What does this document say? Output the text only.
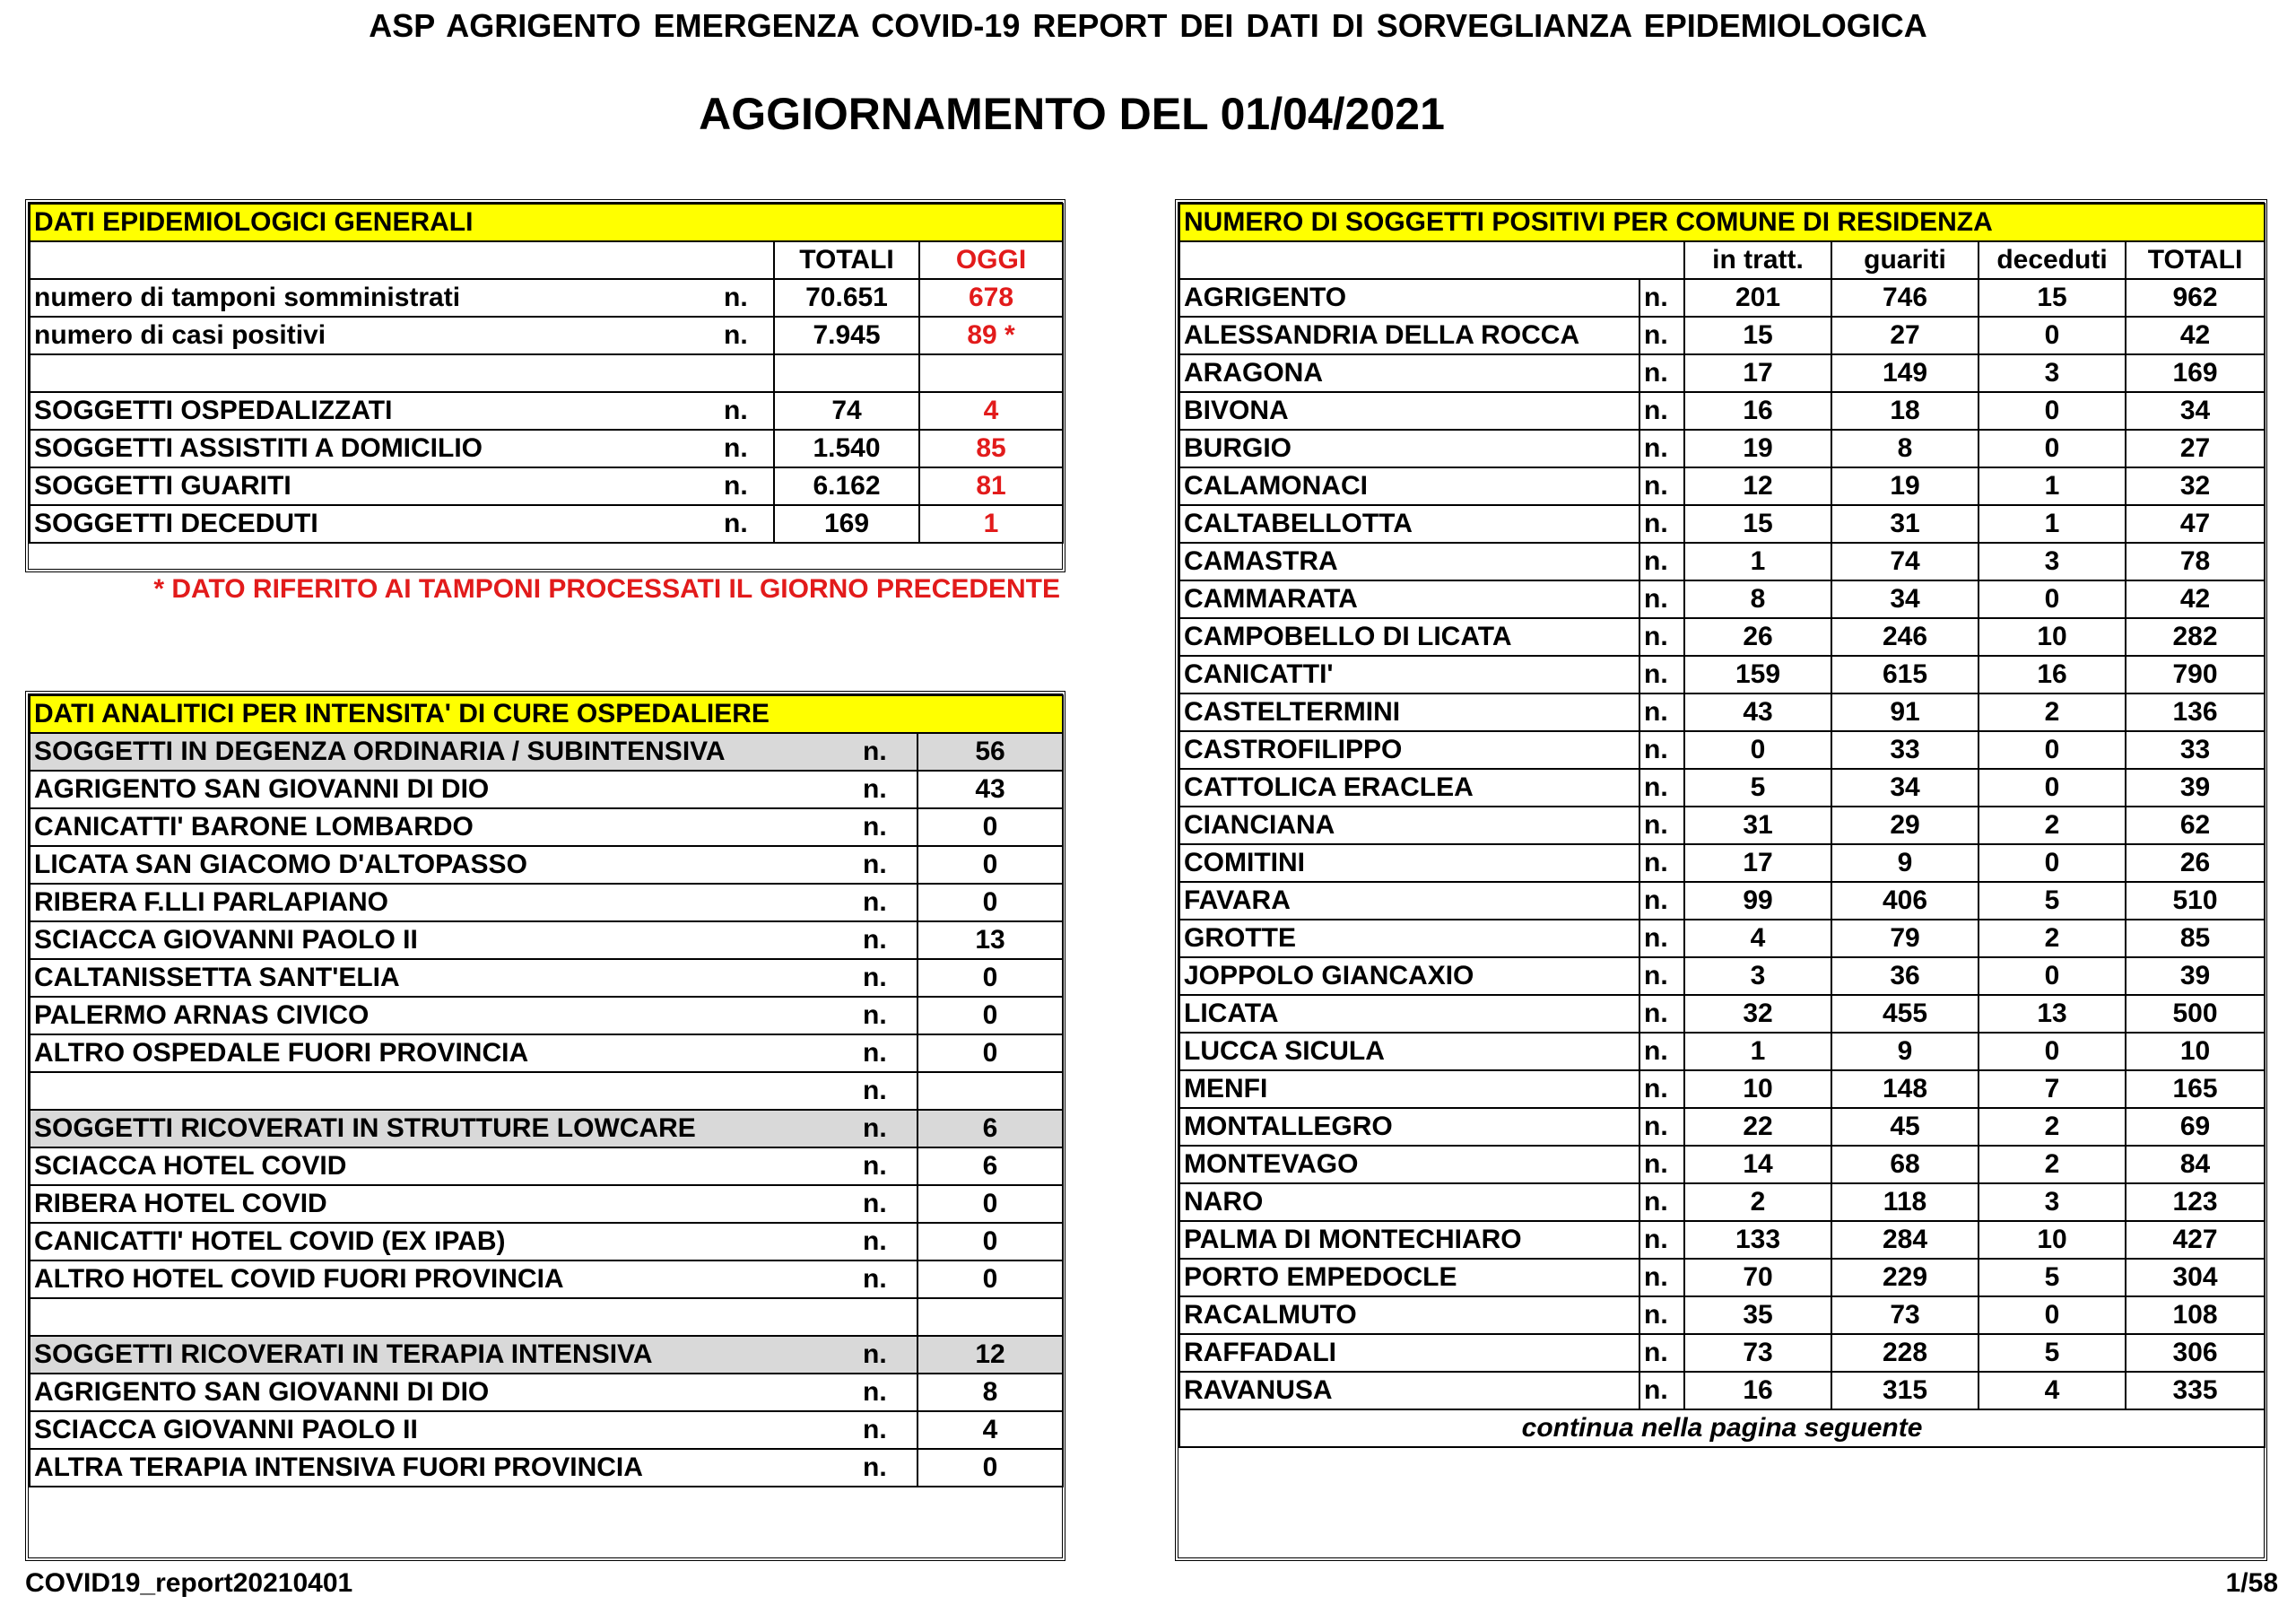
ASP AGRIGENTO EMERGENZA COVID-19 REPORT DEI DATI DI SORVEGLIANZA EPIDEMIOLOGICA
AGGIORNAMENTO DEL 01/04/2021
DATI EPIDEMIOLOGICI GENERALI			
		TOTALI	OGGI
numero di tamponi somministrati	n.	70.651	678
numero di casi positivi	n.	7.945	89 *

SOGGETTI OSPEDALIZZATI	n.	74	4
SOGGETTI ASSISTITI A DOMICILIO	n.	1.540	85
SOGGETTI GUARITI	n.	6.162	81
SOGGETTI DECEDUTI	n.	169	1
* DATO RIFERITO AI TAMPONI PROCESSATI IL GIORNO PRECEDENTE
DATI ANALITICI PER INTENSITA' DI CURE OSPEDALIERE		
SOGGETTI IN DEGENZA ORDINARIA / SUBINTENSIVA	n.	56
AGRIGENTO SAN GIOVANNI DI DIO	n.	43
CANICATTI' BARONE LOMBARDO	n.	0
LICATA SAN GIACOMO D'ALTOPASSO	n.	0
RIBERA F.LLI PARLAPIANO	n.	0
SCIACCA GIOVANNI PAOLO II	n.	13
CALTANISSETTA SANT'ELIA	n.	0
PALERMO ARNAS CIVICO	n.	0
ALTRO OSPEDALE FUORI PROVINCIA	n.	0
	n.	
SOGGETTI RICOVERATI IN STRUTTURE LOWCARE	n.	6
SCIACCA HOTEL COVID	n.	6
RIBERA HOTEL COVID	n.	0
CANICATTI' HOTEL COVID (EX IPAB)	n.	0
ALTRO HOTEL COVID FUORI PROVINCIA	n.	0

SOGGETTI RICOVERATI IN TERAPIA INTENSIVA	n.	12
AGRIGENTO SAN GIOVANNI DI DIO	n.	8
SCIACCA GIOVANNI PAOLO II	n.	4
ALTRA TERAPIA INTENSIVA FUORI PROVINCIA	n.	0
NUMERO DI SOGGETTI POSITIVI PER COMUNE DI RESIDENZA					
		in tratt.	guariti	deceduti	TOTALI
AGRIGENTO	n.	201	746	15	962
ALESSANDRIA DELLA ROCCA	n.	15	27	0	42
ARAGONA	n.	17	149	3	169
BIVONA	n.	16	18	0	34
BURGIO	n.	19	8	0	27
CALAMONACI	n.	12	19	1	32
CALTABELLOTTA	n.	15	31	1	47
CAMASTRA	n.	1	74	3	78
CAMMARATA	n.	8	34	0	42
CAMPOBELLO DI LICATA	n.	26	246	10	282
CANICATTI'	n.	159	615	16	790
CASTELTERMINI	n.	43	91	2	136
CASTROFILIPPO	n.	0	33	0	33
CATTOLICA ERACLEA	n.	5	34	0	39
CIANCIANA	n.	31	29	2	62
COMITINI	n.	17	9	0	26
FAVARA	n.	99	406	5	510
GROTTE	n.	4	79	2	85
JOPPOLO GIANCAXIO	n.	3	36	0	39
LICATA	n.	32	455	13	500
LUCCA SICULA	n.	1	9	0	10
MENFI	n.	10	148	7	165
MONTALLEGRO	n.	22	45	2	69
MONTEVAGO	n.	14	68	2	84
NARO	n.	2	118	3	123
PALMA DI MONTECHIARO	n.	133	284	10	427
PORTO EMPEDOCLE	n.	70	229	5	304
RACALMUTO	n.	35	73	0	108
RAFFADALI	n.	73	228	5	306
RAVANUSA	n.	16	315	4	335
continua nella pagina seguente					
COVID19_report20210401	1/58
